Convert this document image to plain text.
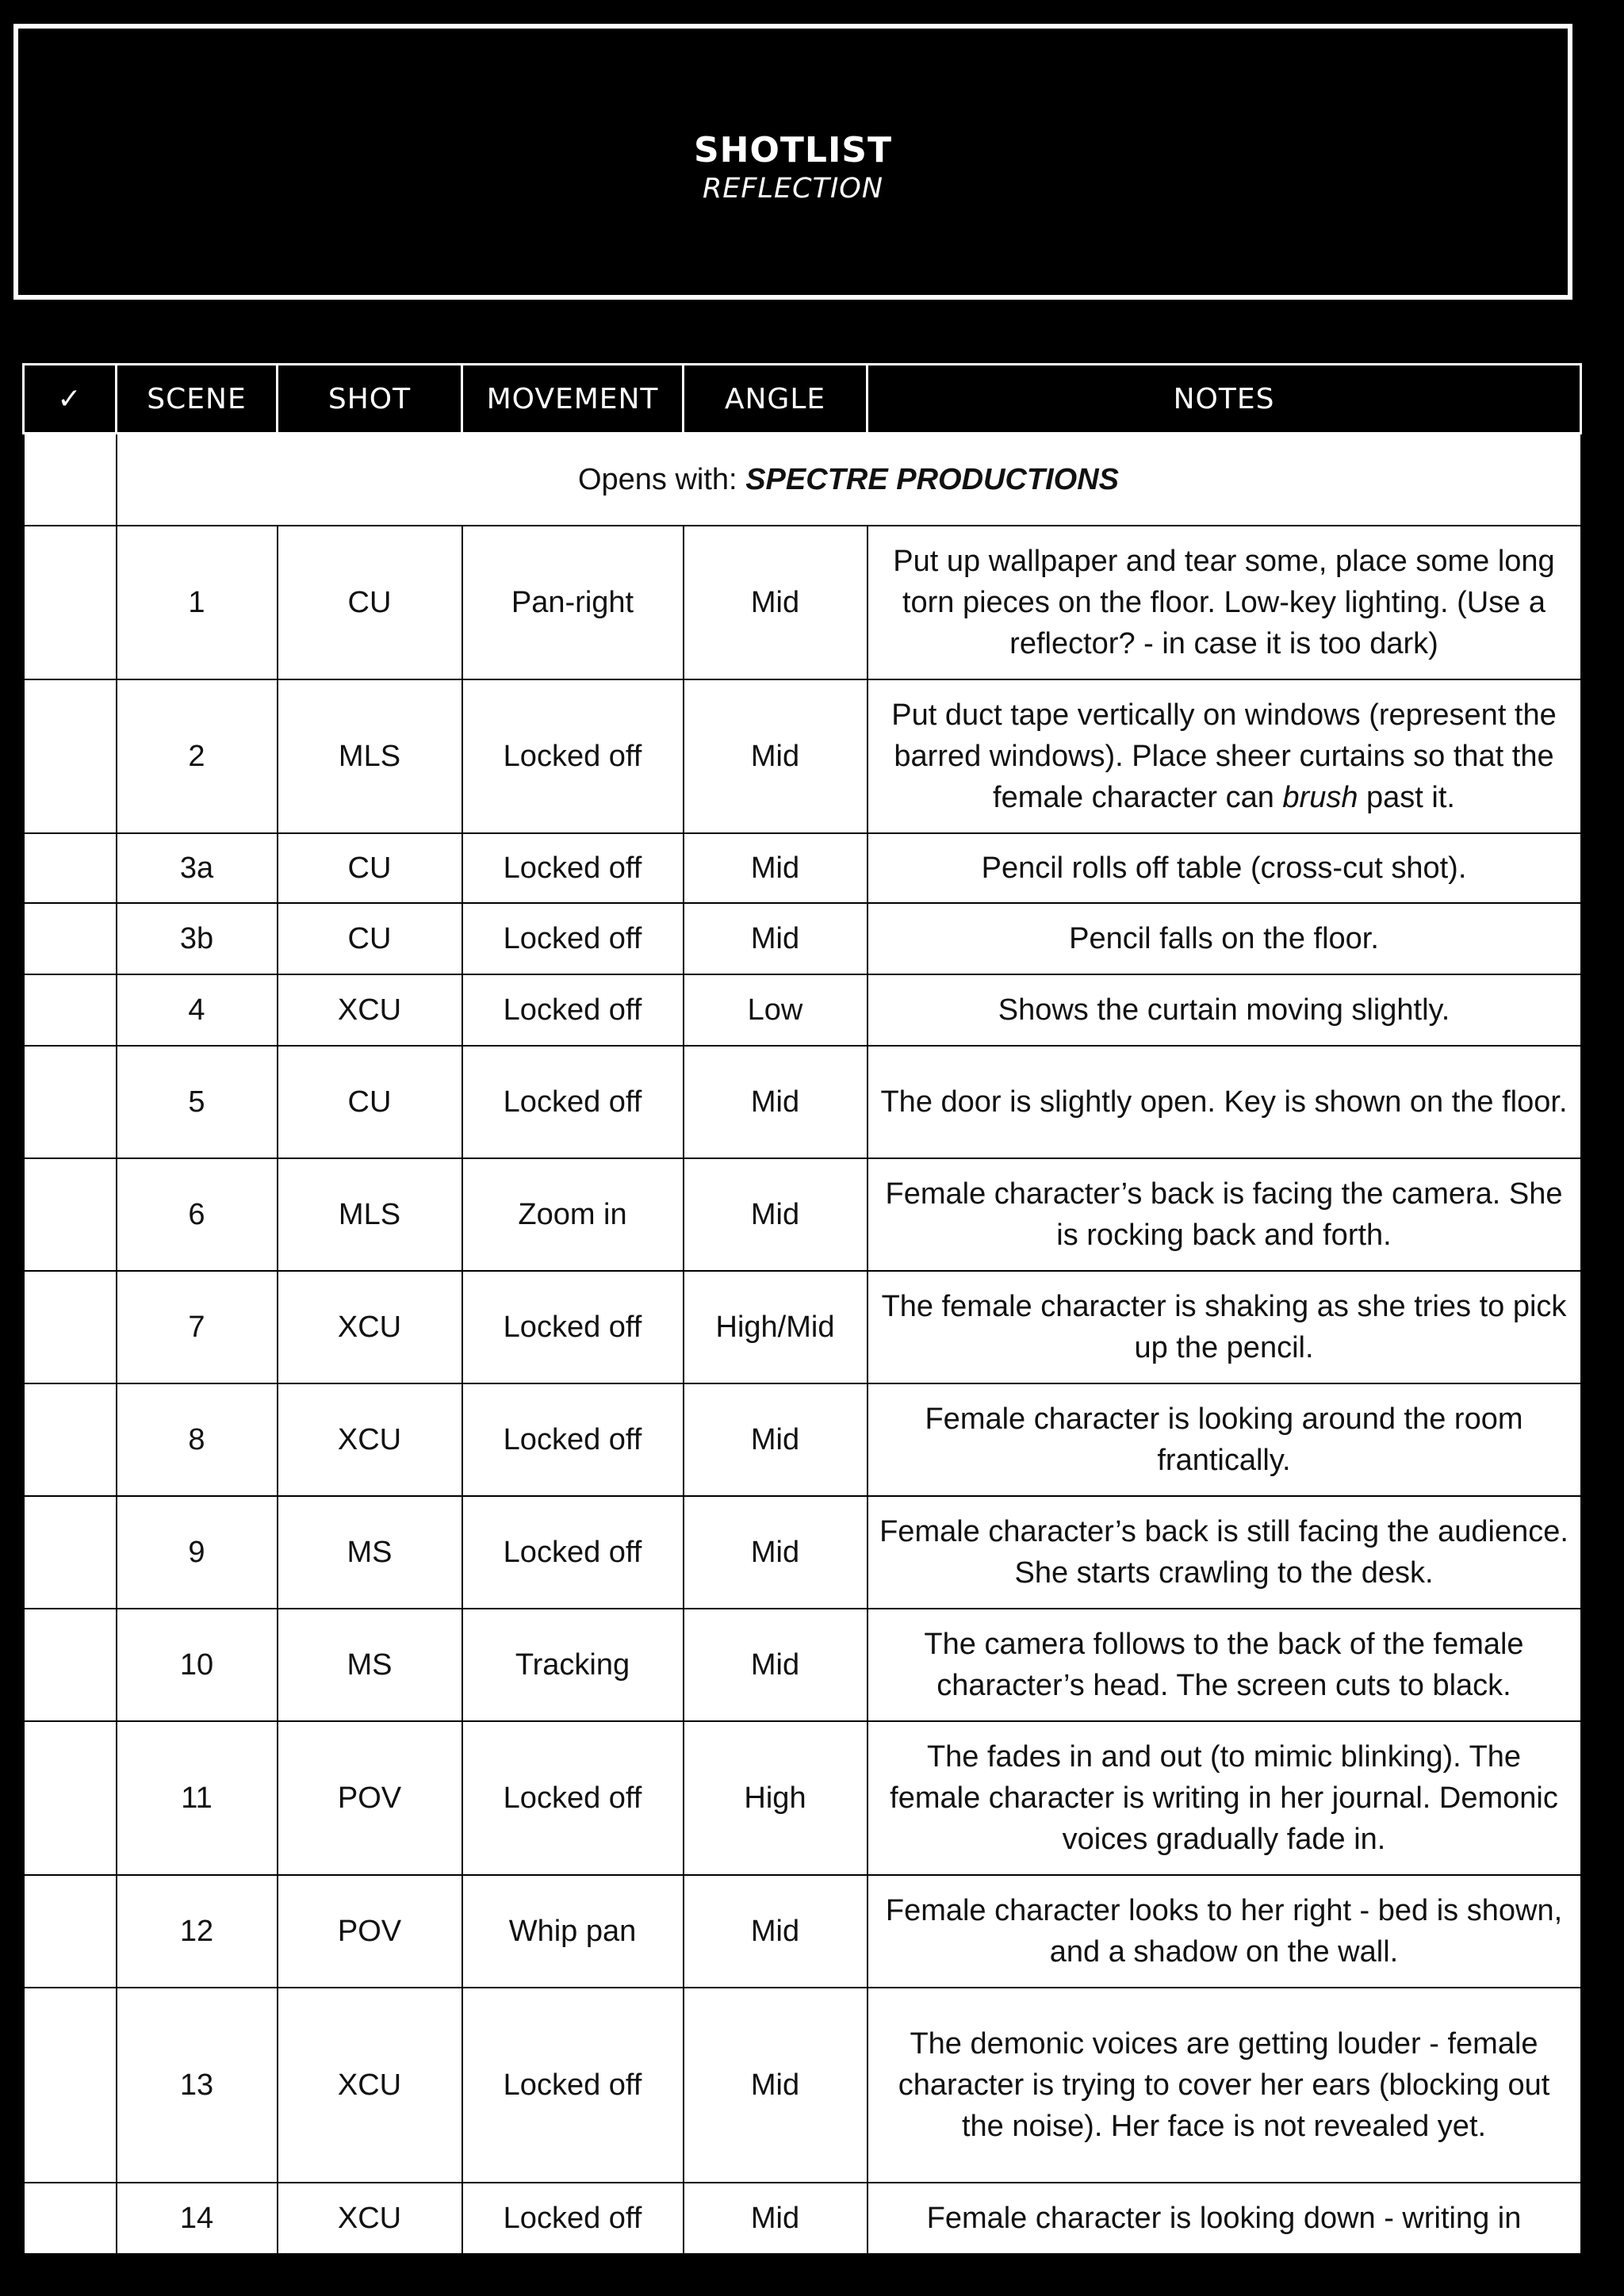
SHOTLIST
REFLECTION
✓	SCENE	SHOT	MOVEMENT	ANGLE	NOTES
	Opens with: SPECTRE PRODUCTIONS				
	1	CU	Pan-right	Mid	Put up wallpaper and tear some, place some long torn pieces on the floor. Low-key lighting. (Use a reflector? - in case it is too dark)
	2	MLS	Locked off	Mid	Put duct tape vertically on windows (represent the barred windows). Place sheer curtains so that the female character can brush past it.
	3a	CU	Locked off	Mid	Pencil rolls off table (cross-cut shot).
	3b	CU	Locked off	Mid	Pencil falls on the floor.
	4	XCU	Locked off	Low	Shows the curtain moving slightly.
	5	CU	Locked off	Mid	The door is slightly open. Key is shown on the floor.
	6	MLS	Zoom in	Mid	Female character’s back is facing the camera. She is rocking back and forth.
	7	XCU	Locked off	High/Mid	The female character is shaking as she tries to pick up the pencil.
	8	XCU	Locked off	Mid	Female character is looking around the room frantically.
	9	MS	Locked off	Mid	Female character’s back is still facing the audience. She starts crawling to the desk.
	10	MS	Tracking	Mid	The camera follows to the back of the female character’s head. The screen cuts to black.
	11	POV	Locked off	High	The fades in and out (to mimic blinking). The female character is writing in her journal. Demonic voices gradually fade in.
	12	POV	Whip pan	Mid	Female character looks to her right - bed is shown, and a shadow on the wall.
	13	XCU	Locked off	Mid	The demonic voices are getting louder - female character is trying to cover her ears (blocking out the noise). Her face is not revealed yet.
	14	XCU	Locked off	Mid	Female character is looking down - writing in
